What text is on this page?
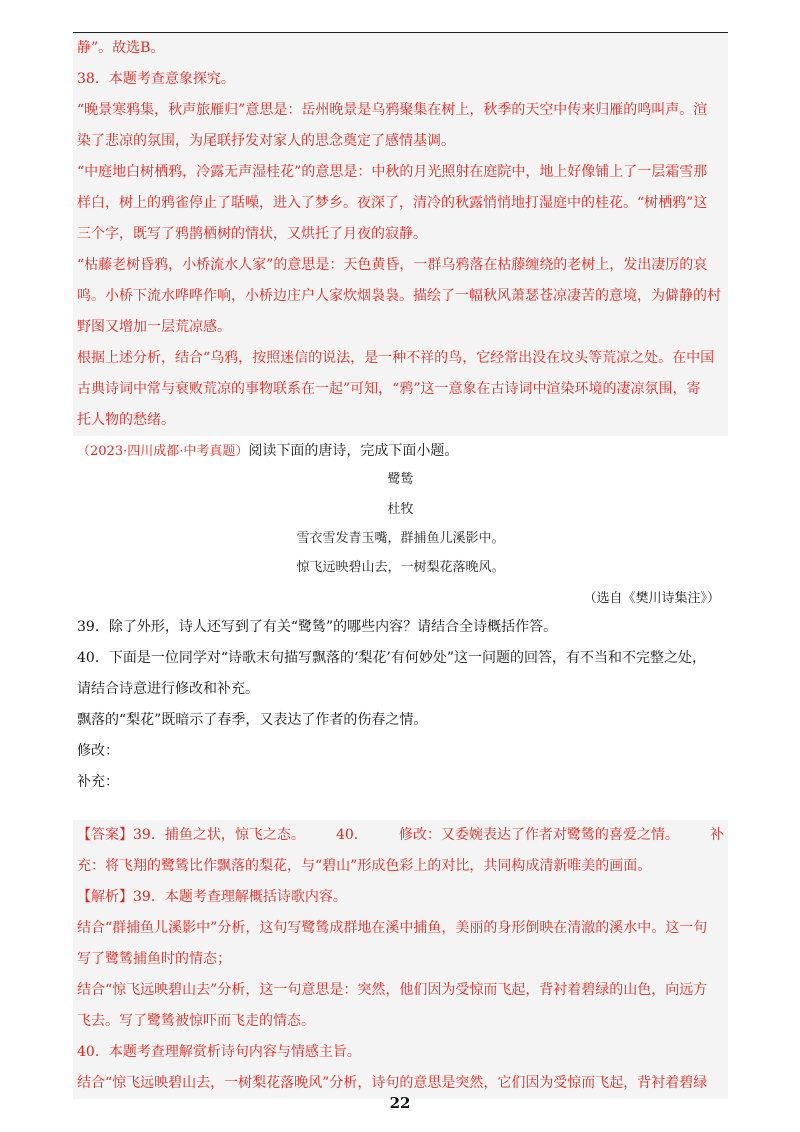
静”。故选B。
38．本题考查意象探究。
“晚景寒鸦集，秋声旅雁归”意思是：岳州晚景是乌鸦聚集在树上，秋季的天空中传来归雁的鸣叫声。渲
染了悲凉的氛围，为尾联抒发对家人的思念奠定了感情基调。
“中庭地白树栖鸦，冷露无声湿桂花”的意思是：中秋的月光照射在庭院中，地上好像铺上了一层霜雪那
样白，树上的鸦雀停止了聒噪，进入了梦乡。夜深了，清冷的秋露悄悄地打湿庭中的桂花。“树栖鸦”这
三个字，既写了鸦鹊栖树的情状，又烘托了月夜的寂静。
“枯藤老树昏鸦，小桥流水人家”的意思是：天色黄昏，一群乌鸦落在枯藤缠绕的老树上，发出凄厉的哀
鸣。小桥下流水哗哗作响，小桥边庄户人家炊烟袅袅。描绘了一幅秋风萧瑟苍凉凄苦的意境，为僻静的村
野图又增加一层荒凉感。
根据上述分析，结合“乌鸦，按照迷信的说法，是一种不祥的鸟，它经常出没在坟头等荒凉之处。在中国
古典诗词中常与衰败荒凉的事物联系在一起”可知，“鸦”这一意象在古诗词中渲染环境的凄凉氛围，寄
托人物的愁绪。
（2023·四川成都·中考真题）阅读下面的唐诗，完成下面小题。
鹭鸶
杜牧
雪衣雪发青玉嘴，群捕鱼儿溪影中。
惊飞远映碧山去，一树梨花落晚风。
（选自《樊川诗集注》）
39．除了外形，诗人还写到了有关“鹭鸶”的哪些内容？请结合全诗概括作答。
40．下面是一位同学对“诗歌末句描写飘落的‘梨花’有何妙处”这一问题的回答，有不当和不完整之处，
请结合诗意进行修改和补充。
飘落的“梨花”既暗示了春季，又表达了作者的伤春之情。
修改：
补充：
【答案】39．捕鱼之状，惊飞之态。 40． 修改：又委婉表达了作者对鹭鸶的喜爱之情。 补
充：将飞翔的鹭鸶比作飘落的梨花，与“碧山”形成色彩上的对比，共同构成清新唯美的画面。
【解析】39．本题考查理解概括诗歌内容。
结合“群捕鱼儿溪影中”分析，这句写鹭鸶成群地在溪中捕鱼，美丽的身形倒映在清澈的溪水中。这一句
写了鹭鸶捕鱼时的情态；
结合“惊飞远映碧山去”分析，这一句意思是：突然，他们因为受惊而飞起，背衬着碧绿的山色，向远方
飞去。写了鹭鸶被惊吓而飞走的情态。
40．本题考查理解赏析诗句内容与情感主旨。
结合“惊飞远映碧山去，一树梨花落晚风”分析，诗句的意思是突然，它们因为受惊而飞起，背衬着碧绿
22
